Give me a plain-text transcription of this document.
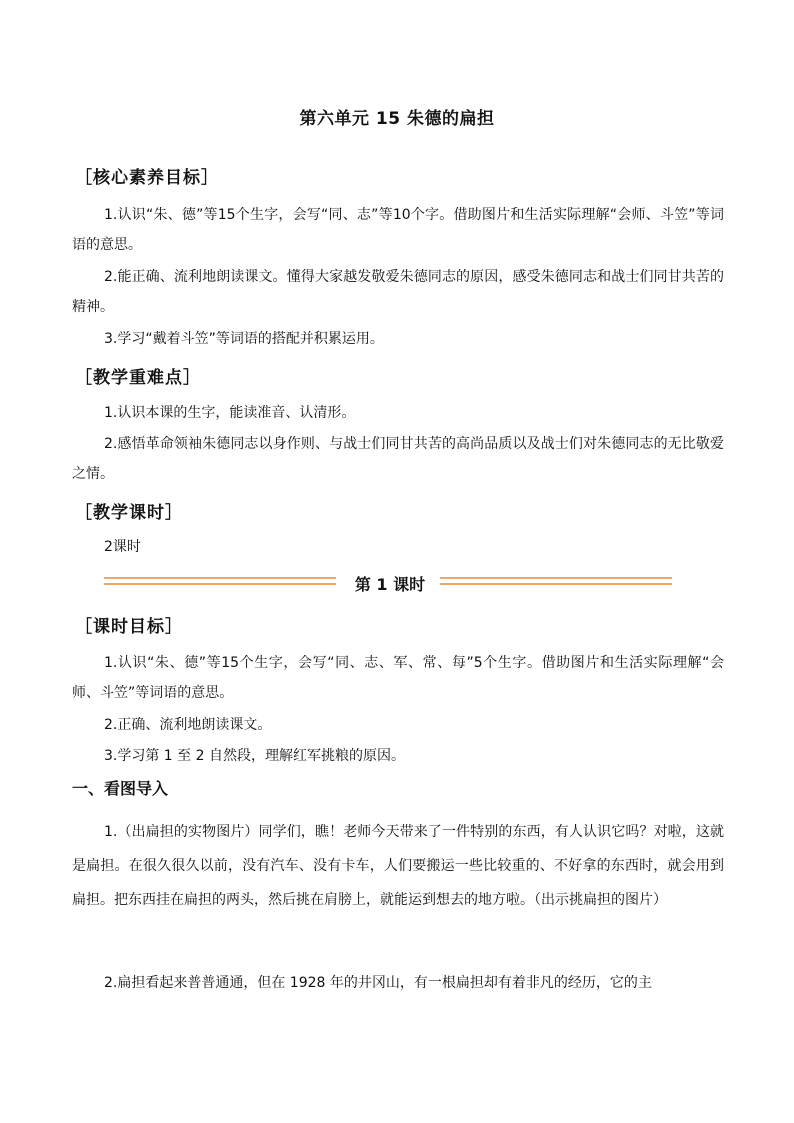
第六单元 15 朱德的扁担
［核心素养目标］
1.认识“朱、德”等15个生字，会写“同、志”等10个字。借助图片和生活实际理解“会师、斗笠”等词语的意思。
2.能正确、流利地朗读课文。懂得大家越发敬爱朱德同志的原因，感受朱德同志和战士们同甘共苦的精神。
3.学习“戴着斗笠”等词语的搭配并积累运用。
［教学重难点］
1.认识本课的生字，能读准音、认清形。
2.感悟革命领袖朱德同志以身作则、与战士们同甘共苦的高尚品质以及战士们对朱德同志的无比敬爱之情。
［教学课时］
2课时
第 1 课时
［课时目标］
1.认识“朱、德”等15个生字，会写“同、志、军、常、每”5个生字。借助图片和生活实际理解“会师、斗笠”等词语的意思。
2.正确、流利地朗读课文。
3.学习第 1 至 2 自然段，理解红军挑粮的原因。
一、看图导入
1.（出扁担的实物图片）同学们，瞧！老师今天带来了一件特别的东西，有人认识它吗？对啦，这就是扁担。在很久很久以前，没有汽车、没有卡车，人们要搬运一些比较重的、不好拿的东西时，就会用到扁担。把东西挂在扁担的两头，然后挑在肩膀上，就能运到想去的地方啦。（出示挑扁担的图片）
2.扁担看起来普普通通，但在 1928 年的井冈山，有一根扁担却有着非凡的经历，它的主
